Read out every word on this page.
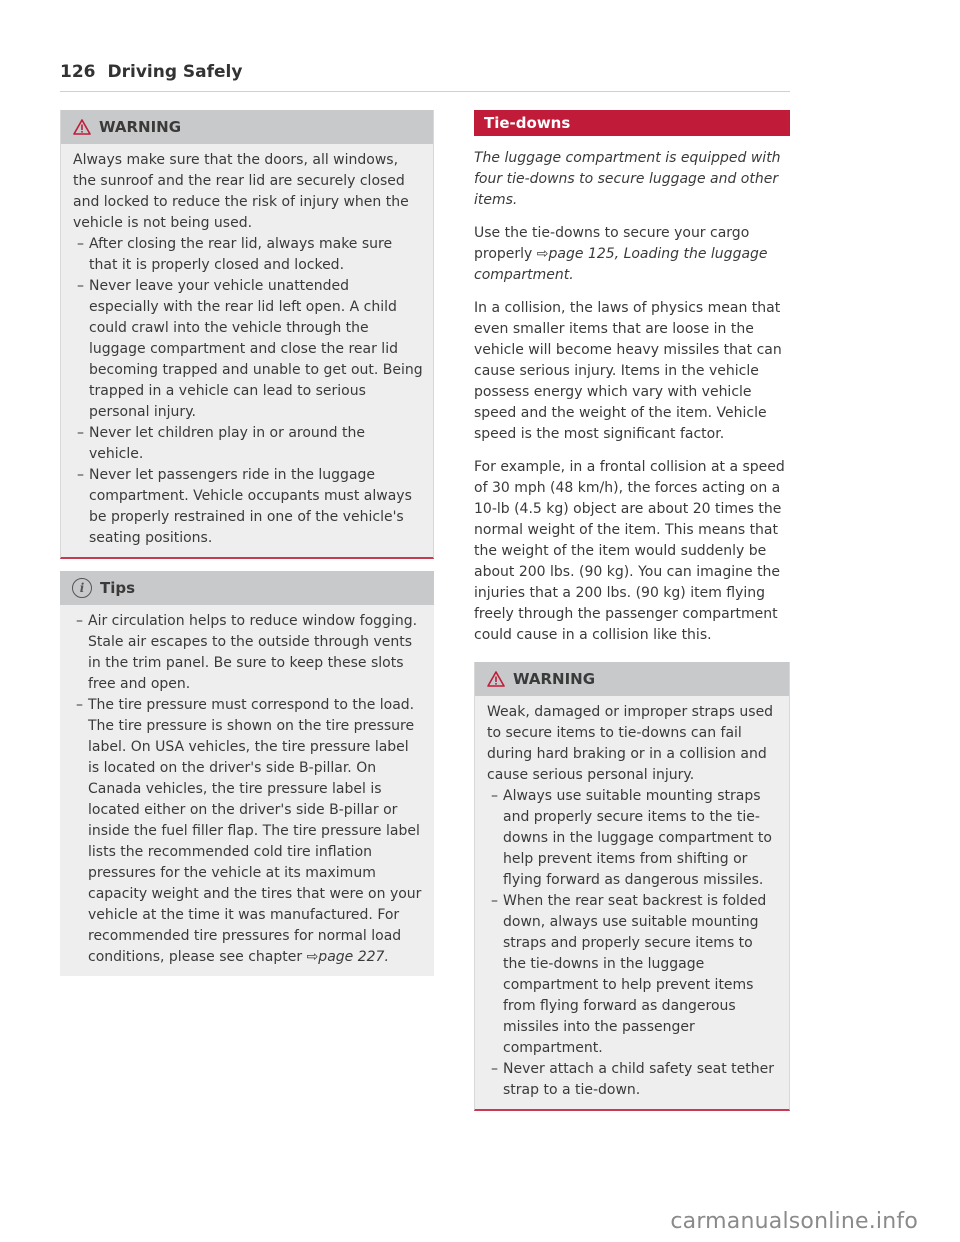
126 Driving Safely
WARNING

Always make sure that the doors, all windows, the sunroof and the rear lid are securely closed and locked to reduce the risk of injury when the vehicle is not being used.

– After closing the rear lid, always make sure that it is properly closed and locked.
– Never leave your vehicle unattended especially with the rear lid left open. A child could crawl into the vehicle through the luggage compartment and close the rear lid becoming trapped and unable to get out. Being trapped in a vehicle can lead to serious personal injury.
– Never let children play in or around the vehicle.
– Never let passengers ride in the luggage compartment. Vehicle occupants must always be properly restrained in one of the vehicle's seating positions.
i	Tips
– Air circulation helps to reduce window fogging. Stale air escapes to the outside through vents in the trim panel. Be sure to keep these slots free and open.
– The tire pressure must correspond to the load. The tire pressure is shown on the tire pressure label. On USA vehicles, the tire pressure label is located on the driver's side B-pillar. On Canada vehicles, the tire pressure label is located either on the driver's side B-pillar or inside the fuel filler flap. The tire pressure label lists the recommended cold tire inflation pressures for the vehicle at its maximum capacity weight and the tires that were on your vehicle at the time it was manufactured. For recommended tire pressures for normal load conditions, please see chapter ⇨page 227.
Tie-downs

The luggage compartment is equipped with four tie-downs to secure luggage and other items.

Use the tie-downs to secure your cargo properly ⇨page 125, Loading the luggage compartment.

In a collision, the laws of physics mean that even smaller items that are loose in the vehicle will become heavy missiles that can cause serious injury. Items in the vehicle possess energy which vary with vehicle speed and the weight of the item. Vehicle speed is the most significant factor.

For example, in a frontal collision at a speed of 30 mph (48 km/h), the forces acting on a 10-lb (4.5 kg) object are about 20 times the normal weight of the item. This means that the weight of the item would suddenly be about 200 lbs. (90 kg). You can imagine the injuries that a 200 lbs. (90 kg) item flying freely through the passenger compartment could cause in a collision like this.

WARNING

Weak, damaged or improper straps used to secure items to tie-downs can fail during hard braking or in a collision and cause serious personal injury.

– Always use suitable mounting straps and properly secure items to the tie-downs in the luggage compartment to help prevent items from shifting or flying forward as dangerous missiles.
– When the rear seat backrest is folded down, always use suitable mounting straps and properly secure items to the tie-downs in the luggage compartment to help prevent items from flying forward as dangerous missiles into the passenger compartment.
– Never attach a child safety seat tether strap to a tie-down.
carmanualsonline.info
